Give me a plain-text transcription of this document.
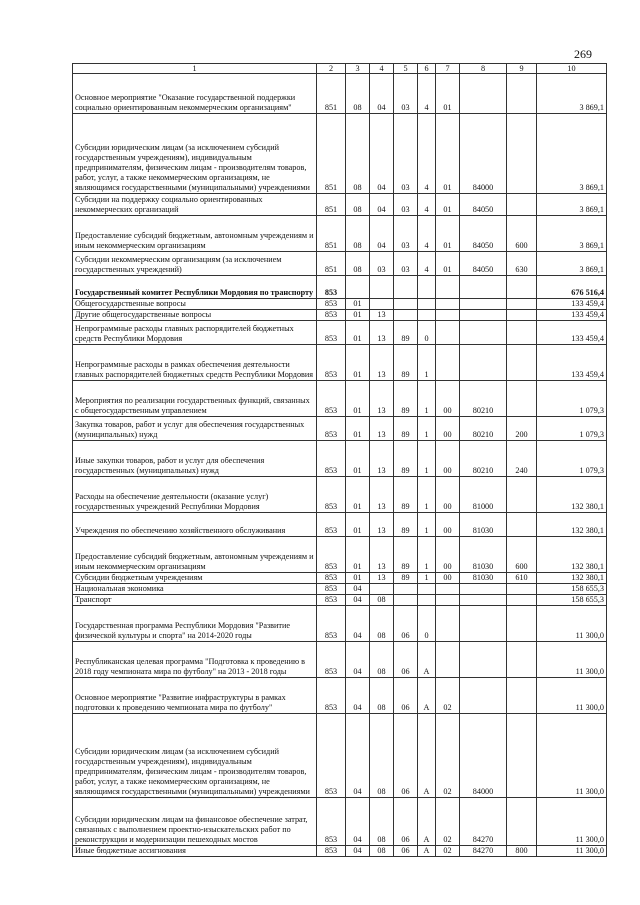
269
1	2	3	4	5	6	7	8	9	10
Основное мероприятие "Оказание государственной поддержки социально ориентированным некоммерческим организациям"	851	08	04	03	4	01			3 869,1
Субсидии юридическим лицам (за исключением субсидий государственным учреждениям), индивидуальным предпринимателям, физическим лицам - производителям товаров, работ, услуг, а также некоммерческим организациям, не являющимся государственными (муниципальными) учреждениями	851	08	04	03	4	01	84000		3 869,1
Субсидии на поддержку социально ориентированных некоммерческих организаций	851	08	04	03	4	01	84050		3 869,1
Предоставление субсидий бюджетным, автономным учреждениям и иным некоммерческим организациям	851	08	04	03	4	01	84050	600	3 869,1
Субсидии некоммерческим организациям (за исключением государственных учреждений)	851	08	03	03	4	01	84050	630	3 869,1
Государственный комитет Республики Мордовия по транспорту	853								676 516,4
Общегосударственные вопросы	853	01							133 459,4
Другие общегосударственные вопросы	853	01	13						133 459,4
Непрограммные расходы главных распорядителей бюджетных средств Республики Мордовия	853	01	13	89	0				133 459,4
Непрограммные расходы в рамках обеспечения деятельности главных распорядителей бюджетных средств Республики Мордовия	853	01	13	89	1				133 459,4
Мероприятия по реализации государственных функций, связанных с общегосударственным управлением	853	01	13	89	1	00	80210		1 079,3
Закупка товаров, работ и услуг для обеспечения государственных (муниципальных) нужд	853	01	13	89	1	00	80210	200	1 079,3
Иные закупки товаров, работ и услуг для обеспечения государственных (муниципальных) нужд	853	01	13	89	1	00	80210	240	1 079,3
Расходы на обеспечение деятельности (оказание услуг) государственных учреждений Республики Мордовия	853	01	13	89	1	00	81000		132 380,1
Учреждения по обеспечению хозяйственного обслуживания	853	01	13	89	1	00	81030		132 380,1
Предоставление субсидий бюджетным, автономным учреждениям и иным некоммерческим организациям	853	01	13	89	1	00	81030	600	132 380,1
Субсидии бюджетным учреждениям	853	01	13	89	1	00	81030	610	132 380,1
Национальная экономика	853	04							158 655,3
Транспорт	853	04	08						158 655,3
Государственная программа Республики Мордовия "Развитие физической культуры и спорта" на 2014-2020 годы	853	04	08	06	0				11 300,0
Республиканская целевая программа "Подготовка к проведению в 2018 году чемпионата мира по футболу" на 2013 - 2018 годы	853	04	08	06	А				11 300,0
Основное мероприятие "Развитие инфраструктуры в рамках подготовки к проведению чемпионата мира по футболу"	853	04	08	06	А	02			11 300,0
Субсидии юридическим лицам (за исключением субсидий государственным учреждениям), индивидуальным предпринимателям, физическим лицам - производителям товаров, работ, услуг, а также некоммерческим организациям, не являющимся государственными (муниципальными) учреждениями	853	04	08	06	А	02	84000		11 300,0
Субсидии юридическим лицам на финансовое обеспечение затрат, связанных с выполнением проектно-изыскательских работ по реконструкции и модернизации пешеходных мостов	853	04	08	06	А	02	84270		11 300,0
Иные бюджетные ассигнования	853	04	08	06	А	02	84270	800	11 300,0
